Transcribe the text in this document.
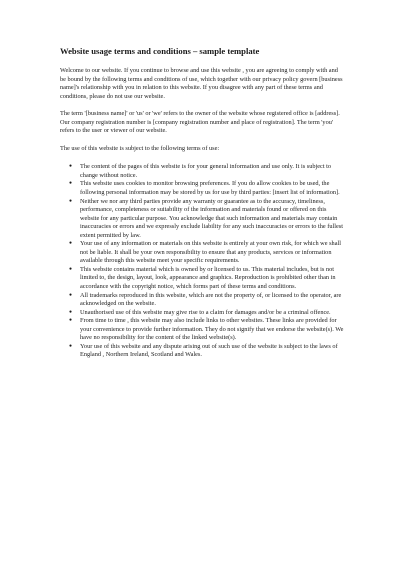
Website usage terms and conditions – sample template

Welcome to our website. If you continue to browse and use this website , you are agreeing to comply with and be bound by the following terms and conditions of use, which together with our privacy policy govern [business name]'s relationship with you in relation to this website. If you disagree with any part of these terms and conditions, please do not use our website.

The term '[business name]' or 'us' or 'we' refers to the owner of the website whose registered office is [address]. Our company registration number is [company registration number and place of registration]. The term 'you' refers to the user or viewer of our website.

The use of this website is subject to the following terms of use:

● The content of the pages of this website is for your general information and use only. It is subject to change without notice.
● This website uses cookies to monitor browsing preferences. If you do allow cookies to be used, the following personal information may be stored by us for use by third parties: [insert list of information].
● Neither we nor any third parties provide any warranty or guarantee as to the accuracy, timeliness, performance, completeness or suitability of the information and materials found or offered on this website for any particular purpose. You acknowledge that such information and materials may contain inaccuracies or errors and we expressly exclude liability for any such inaccuracies or errors to the fullest extent permitted by law.
● Your use of any information or materials on this website is entirely at your own risk, for which we shall not be liable. It shall be your own responsibility to ensure that any products, services or information available through this website meet your specific requirements.
● This website contains material which is owned by or licensed to us. This material includes, but is not limited to, the design, layout, look, appearance and graphics. Reproduction is prohibited other than in accordance with the copyright notice, which forms part of these terms and conditions.
● All trademarks reproduced in this website, which are not the property of, or licensed to the operator, are acknowledged on the website.
● Unauthorised use of this website may give rise to a claim for damages and/or be a criminal offence.
● From time to time , this website may also include links to other websites. These links are provided for your convenience to provide further information. They do not signify that we endorse the website(s). We have no responsibility for the content of the linked website(s).
● Your use of this website and any dispute arising out of such use of the website is subject to the laws of England , Northern Ireland, Scotland and Wales.
